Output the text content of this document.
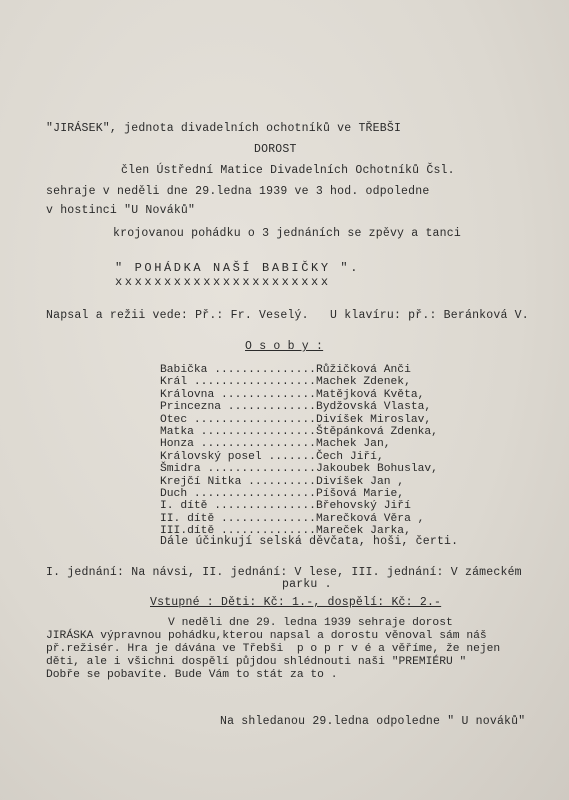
"JIRÁSEK", jednota divadelních ochotníků ve TŘEBŠI
DOROST
člen Ústřední Matice Divadelních Ochotníků Čsl.
sehraje v neděli dne 29.ledna 1939 ve 3 hod. odpoledne
v hostinci "U Nováků"
krojovanou pohádku o 3 jednáních se zpěvy a tanci
" POHÁDKA NAŠÍ BABIČKY ".
xxxxxxxxxxxxxxxxxxxxxx
Napsal a režii vede: Př.: Fr. Veselý.   U klavíru: př.: Beránková V.
O s o b y :
Babička ...............Růžičková Anči
Král ..................Machek Zdenek,
Královna ..............Matějková Květa,
Princezna .............Bydžovská Vlasta,
Otec ..................Divíšek Miroslav,
Matka .................Štěpánková Zdenka,
Honza .................Machek Jan,
Královský posel .......Čech Jiří,
Šmidra ................Jakoubek Bohuslav,
Krejčí Nitka ..........Divíšek Jan ,
Duch ..................Píšová Marie,
I. dítě ...............Břehovský Jiří
II. dítě ..............Marečková Věra ,
III.dítě ..............Mareček Jarka,
Dále účinkují selská děvčata, hoši, čerti.
I. jednání: Na návsi, II. jednání: V lese, III. jednání: V zámeckém
parku .
Vstupné : Děti: Kč: 1.-, dospělí: Kč: 2.-
V neděli dne 29. ledna 1939 sehraje dorost
JIRÁSKA výpravnou pohádku,kterou napsal a dorostu věnoval sám náš
př.režisér. Hra je dávána ve Třebši  p o p r v é a věříme, že nejen
děti, ale i všichni dospělí půjdou shlédnouti naši "PREMIÉRU "
Dobře se pobavíte. Bude Vám to stát za to .
Na shledanou 29.ledna odpoledne " U nováků"
